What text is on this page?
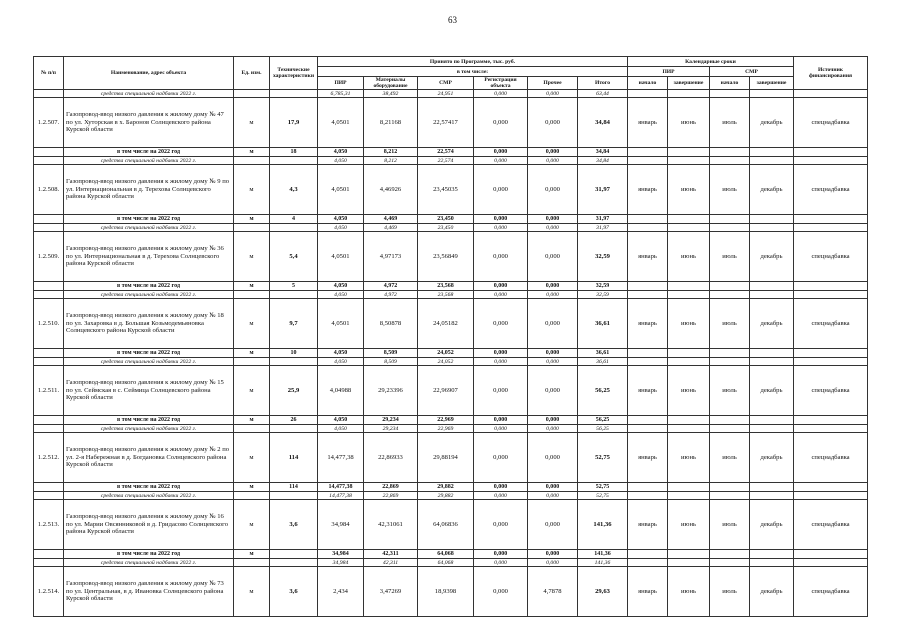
63
№ п/п	Наименование, адрес объекта	Ед. изм.	Технические характеристики	Принято по Программе, тыс. руб.						Календарные сроки				Источник финансирования
				в том числе:						ПИР		СМР		
				ПИР	Материалы оборудование	СМР	Регистрация объекта	Прочее	Итого	начало	завершение	начало	завершение	

	средства специальной надбавки 2022 г.			6,785,31	38,492	24,951	0,000	0,000	63,44					
1.2.507.	Газопровод-ввод низкого давления к жилому дому № 47 по ул. Хуторская в х. Баронов Солнцевского района Курской области	м	17,9	4,0501	8,21168	22,57417	0,000	0,000	34,84	январь	июнь	июль	декабрь	спецнадбавка
	в том числе на 2022 год	м	18	4,050	8,212	22,574	0,000	0,000	34,84					
	средства специальной надбавки 2022 г.			4,050	8,212	22,574	0,000	0,000	34,84					
1.2.508.	Газопровод-ввод низкого давления к жилому дому № 9 по ул. Интернациональная в д. Терехова Солнцевского района Курской области	м	4,3	4,0501	4,46926	23,45035	0,000	0,000	31,97	январь	июнь	июль	декабрь	спецнадбавка
	в том числе на 2022 год	м	4	4,050	4,469	23,450	0,000	0,000	31,97					
	средства специальной надбавки 2022 г.			4,050	4,469	23,450	0,000	0,000	31,97					
1.2.509.	Газопровод-ввод низкого давления к жилому дому № 36 по ул. Интернациональная в д. Терехова Солнцевского района Курской области	м	5,4	4,0501	4,97173	23,56849	0,000	0,000	32,59	январь	июнь	июль	декабрь	спецнадбавка
	в том числе на 2022 год	м	5	4,050	4,972	23,568	0,000	0,000	32,59					
	средства специальной надбавки 2022 г.			4,050	4,972	23,568	0,000	0,000	32,59					
1.2.510.	Газопровод-ввод низкого давления к жилому дому № 18 по ул. Захаровка в д. Большая Козьмодемьяновка Солнцевского района Курской области	м	9,7	4,0501	8,50878	24,05182	0,000	0,000	36,61	январь	июнь	июль	декабрь	спецнадбавка
	в том числе на 2022 год	м	10	4,050	8,509	24,052	0,000	0,000	36,61					
	средства специальной надбавки 2022 г.			4,050	8,509	24,052	0,000	0,000	36,61					
1.2.511.	Газопровод-ввод низкого давления к жилому дому № 15 по ул. Сеймская в с. Сеймица Солнцевского района Курской области	м	25,9	4,04988	29,23396	22,96907	0,000	0,000	56,25	январь	июнь	июль	декабрь	спецнадбавка
	в том числе на 2022 год	м	26	4,050	29,234	22,969	0,000	0,000	56,25					
	средства специальной надбавки 2022 г.			4,050	29,234	22,969	0,000	0,000	56,25					
1.2.512.	Газопровод-ввод низкого давления к жилому дому № 2 по ул. 2-я Набережная в д. Богдановка Солнцевского района Курской области	м	114	14,477,38	22,86933	29,88194	0,000	0,000	52,75	январь	июнь	июль	декабрь	спецнадбавка
	в том числе на 2022 год	м	114	14,477,38	22,869	29,882	0,000	0,000	52,75					
	средства специальной надбавки 2022 г.			14,477,38	22,869	29,882	0,000	0,000	52,75					
1.2.513.	Газопровод-ввод низкого давления к жилому дому № 16 по ул. Марии Овсянниковой в д. Гридасово Солнцевского района Курской области	м	3,6	34,984	42,31061	64,06836	0,000	0,000	141,36	январь	июнь	июль	декабрь	спецнадбавка
	в том числе на 2022 год	м		34,984	42,311	64,068	0,000	0,000	141,36					
	средства специальной надбавки 2022 г.			34,984	42,311	64,068	0,000	0,000	141,36					
1.2.514.	Газопровод-ввод низкого давления к жилому дому № 73 по ул. Центральная, в д. Ивановка Солнцевского района Курской области	м	3,6	2,434	3,47269	18,9398	0,000	4,7878	29,63	январь	июнь	июль	декабрь	спецнадбавка
